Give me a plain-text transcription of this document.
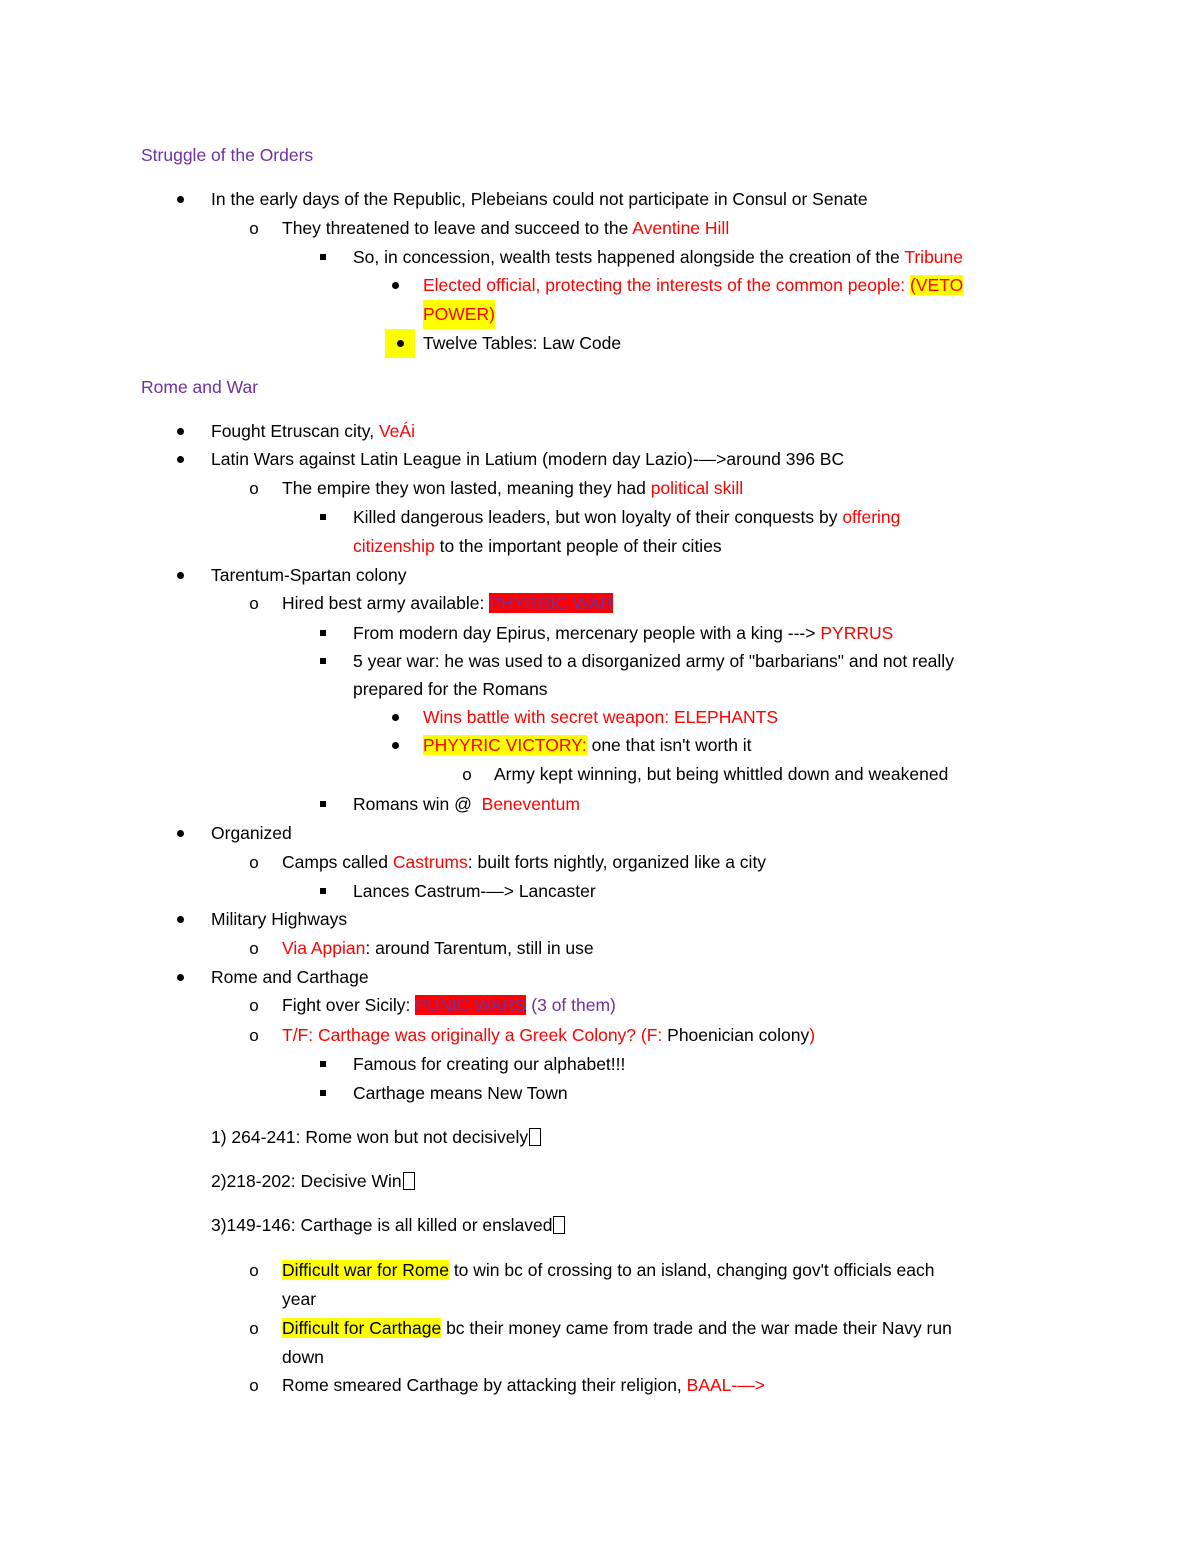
Struggle of the Orders
In the early days of the Republic, Plebeians could not participate in Consul or Senate
o	They threatened to leave and succeed to the Aventine Hill
So, in concession, wealth tests happened alongside the creation of the Tribune
Elected official, protecting the interests of the common people: (VETO
POWER)
Twelve Tables: Law Code
Rome and War
Fought Etruscan city, VeÁi
Latin Wars against Latin League in Latium (modern day Lazio)-—>around 396 BC
o	The empire they won lasted, meaning they had political skill
Killed dangerous leaders, but won loyalty of their conquests by offering
citizenship to the important people of their cities
Tarentum-Spartan colony
o	Hired best army available: PHYRRIC WAR
From modern day Epirus, mercenary people with a king ---> PYRRUS
5 year war: he was used to a disorganized army of "barbarians" and not really
prepared for the Romans
Wins battle with secret weapon: ELEPHANTS
PHYYRIC VICTORY: one that isn't worth it
o	Army kept winning, but being whittled down and weakened
Romans win @  Beneventum
Organized
o	Camps called Castrums: built forts nightly, organized like a city
Lances Castrum-—> Lancaster
Military Highways
o	Via Appian: around Tarentum, still in use
Rome and Carthage
o	Fight over Sicily: PUNIC WARS (3 of them)
o	T/F: Carthage was originally a Greek Colony? (F: Phoenician colony)
Famous for creating our alphabet!!!
Carthage means New Town
1) 264-241: Rome won but not decisively
2)218-202: Decisive Win
3)149-146: Carthage is all killed or enslaved
o	Difficult war for Rome to win bc of crossing to an island, changing gov't officials each
year
o	Difficult for Carthage bc their money came from trade and the war made their Navy run
down
o	Rome smeared Carthage by attacking their religion, BAAL-—>
